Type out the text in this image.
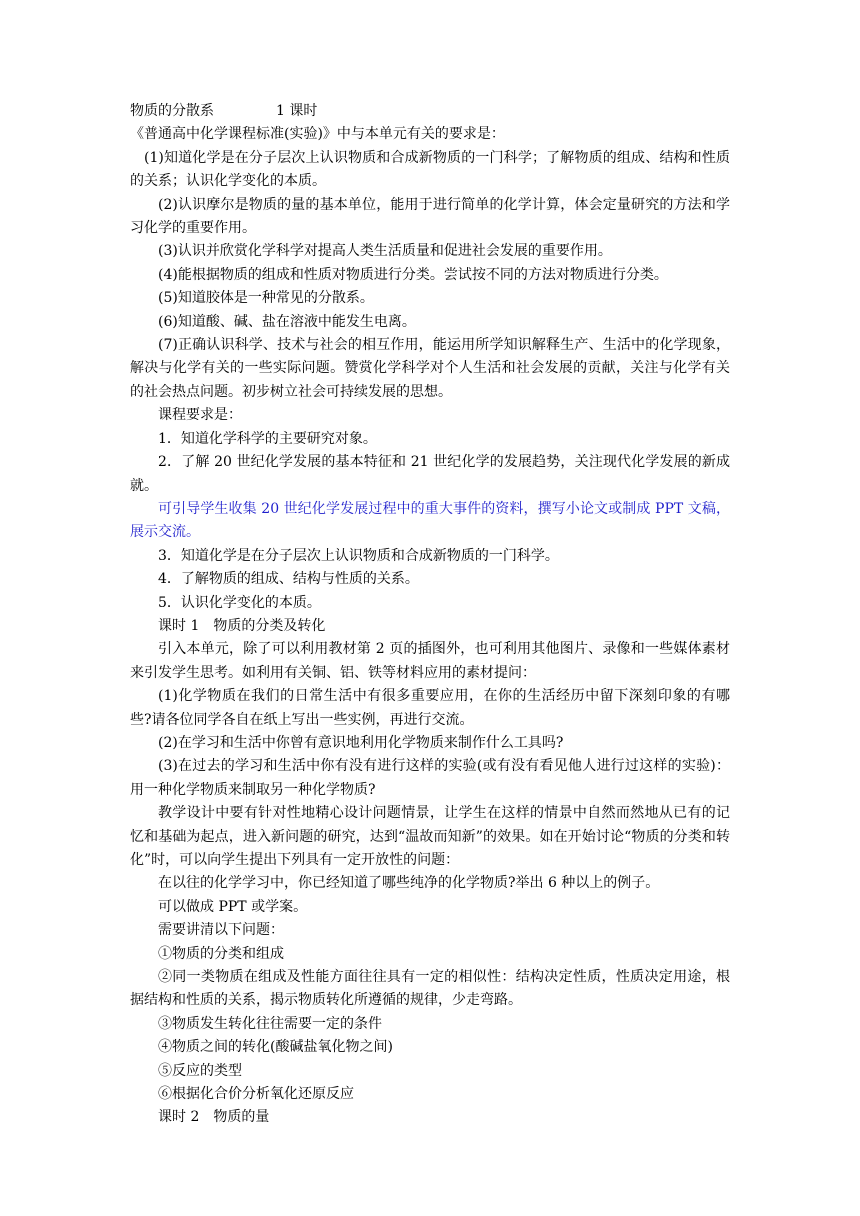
物质的分散系	1 课时

《普通高中化学课程标准(实验)》中与本单元有关的要求是：

(1)知道化学是在分子层次上认识物质和合成新物质的一门科学；了解物质的组成、结构和性质的关系；认识化学变化的本质。

(2)认识摩尔是物质的量的基本单位，能用于进行简单的化学计算，体会定量研究的方法和学习化学的重要作用。

(3)认识并欣赏化学科学对提高人类生活质量和促进社会发展的重要作用。

(4)能根据物质的组成和性质对物质进行分类。尝试按不同的方法对物质进行分类。

(5)知道胶体是一种常见的分散系。

(6)知道酸、碱、盐在溶液中能发生电离。

(7)正确认识科学、技术与社会的相互作用，能运用所学知识解释生产、生活中的化学现象，解决与化学有关的一些实际问题。赞赏化学科学对个人生活和社会发展的贡献，关注与化学有关的社会热点问题。初步树立社会可持续发展的思想。

课程要求是：

1．知道化学科学的主要研究对象。

2．了解 20 世纪化学发展的基本特征和 21 世纪化学的发展趋势，关注现代化学发展的新成就。

可引导学生收集 20 世纪化学发展过程中的重大事件的资料，撰写小论文或制成 PPT 文稿，展示交流。

3．知道化学是在分子层次上认识物质和合成新物质的一门科学。

4．了解物质的组成、结构与性质的关系。

5．认识化学变化的本质。

课时 1　物质的分类及转化

引入本单元，除了可以利用教材第 2 页的插图外，也可利用其他图片、录像和一些媒体素材来引发学生思考。如利用有关铜、铝、铁等材料应用的素材提问：

(1)化学物质在我们的日常生活中有很多重要应用，在你的生活经历中留下深刻印象的有哪些?请各位同学各自在纸上写出一些实例，再进行交流。

(2)在学习和生活中你曾有意识地利用化学物质来制作什么工具吗?

(3)在过去的学习和生活中你有没有进行这样的实验(或有没有看见他人进行过这样的实验)：用一种化学物质来制取另一种化学物质?

教学设计中要有针对性地精心设计问题情景，让学生在这样的情景中自然而然地从已有的记忆和基础为起点，进入新问题的研究，达到“温故而知新”的效果。如在开始讨论“物质的分类和转化”时，可以向学生提出下列具有一定开放性的问题：

在以往的化学学习中，你已经知道了哪些纯净的化学物质?举出 6 种以上的例子。

可以做成 PPT 或学案。

需要讲清以下问题：

①物质的分类和组成

②同一类物质在组成及性能方面往往具有一定的相似性：结构决定性质，性质决定用途，根据结构和性质的关系，揭示物质转化所遵循的规律，少走弯路。

③物质发生转化往往需要一定的条件

④物质之间的转化(酸碱盐氧化物之间)

⑤反应的类型

⑥根据化合价分析氧化还原反应

课时 2　物质的量
